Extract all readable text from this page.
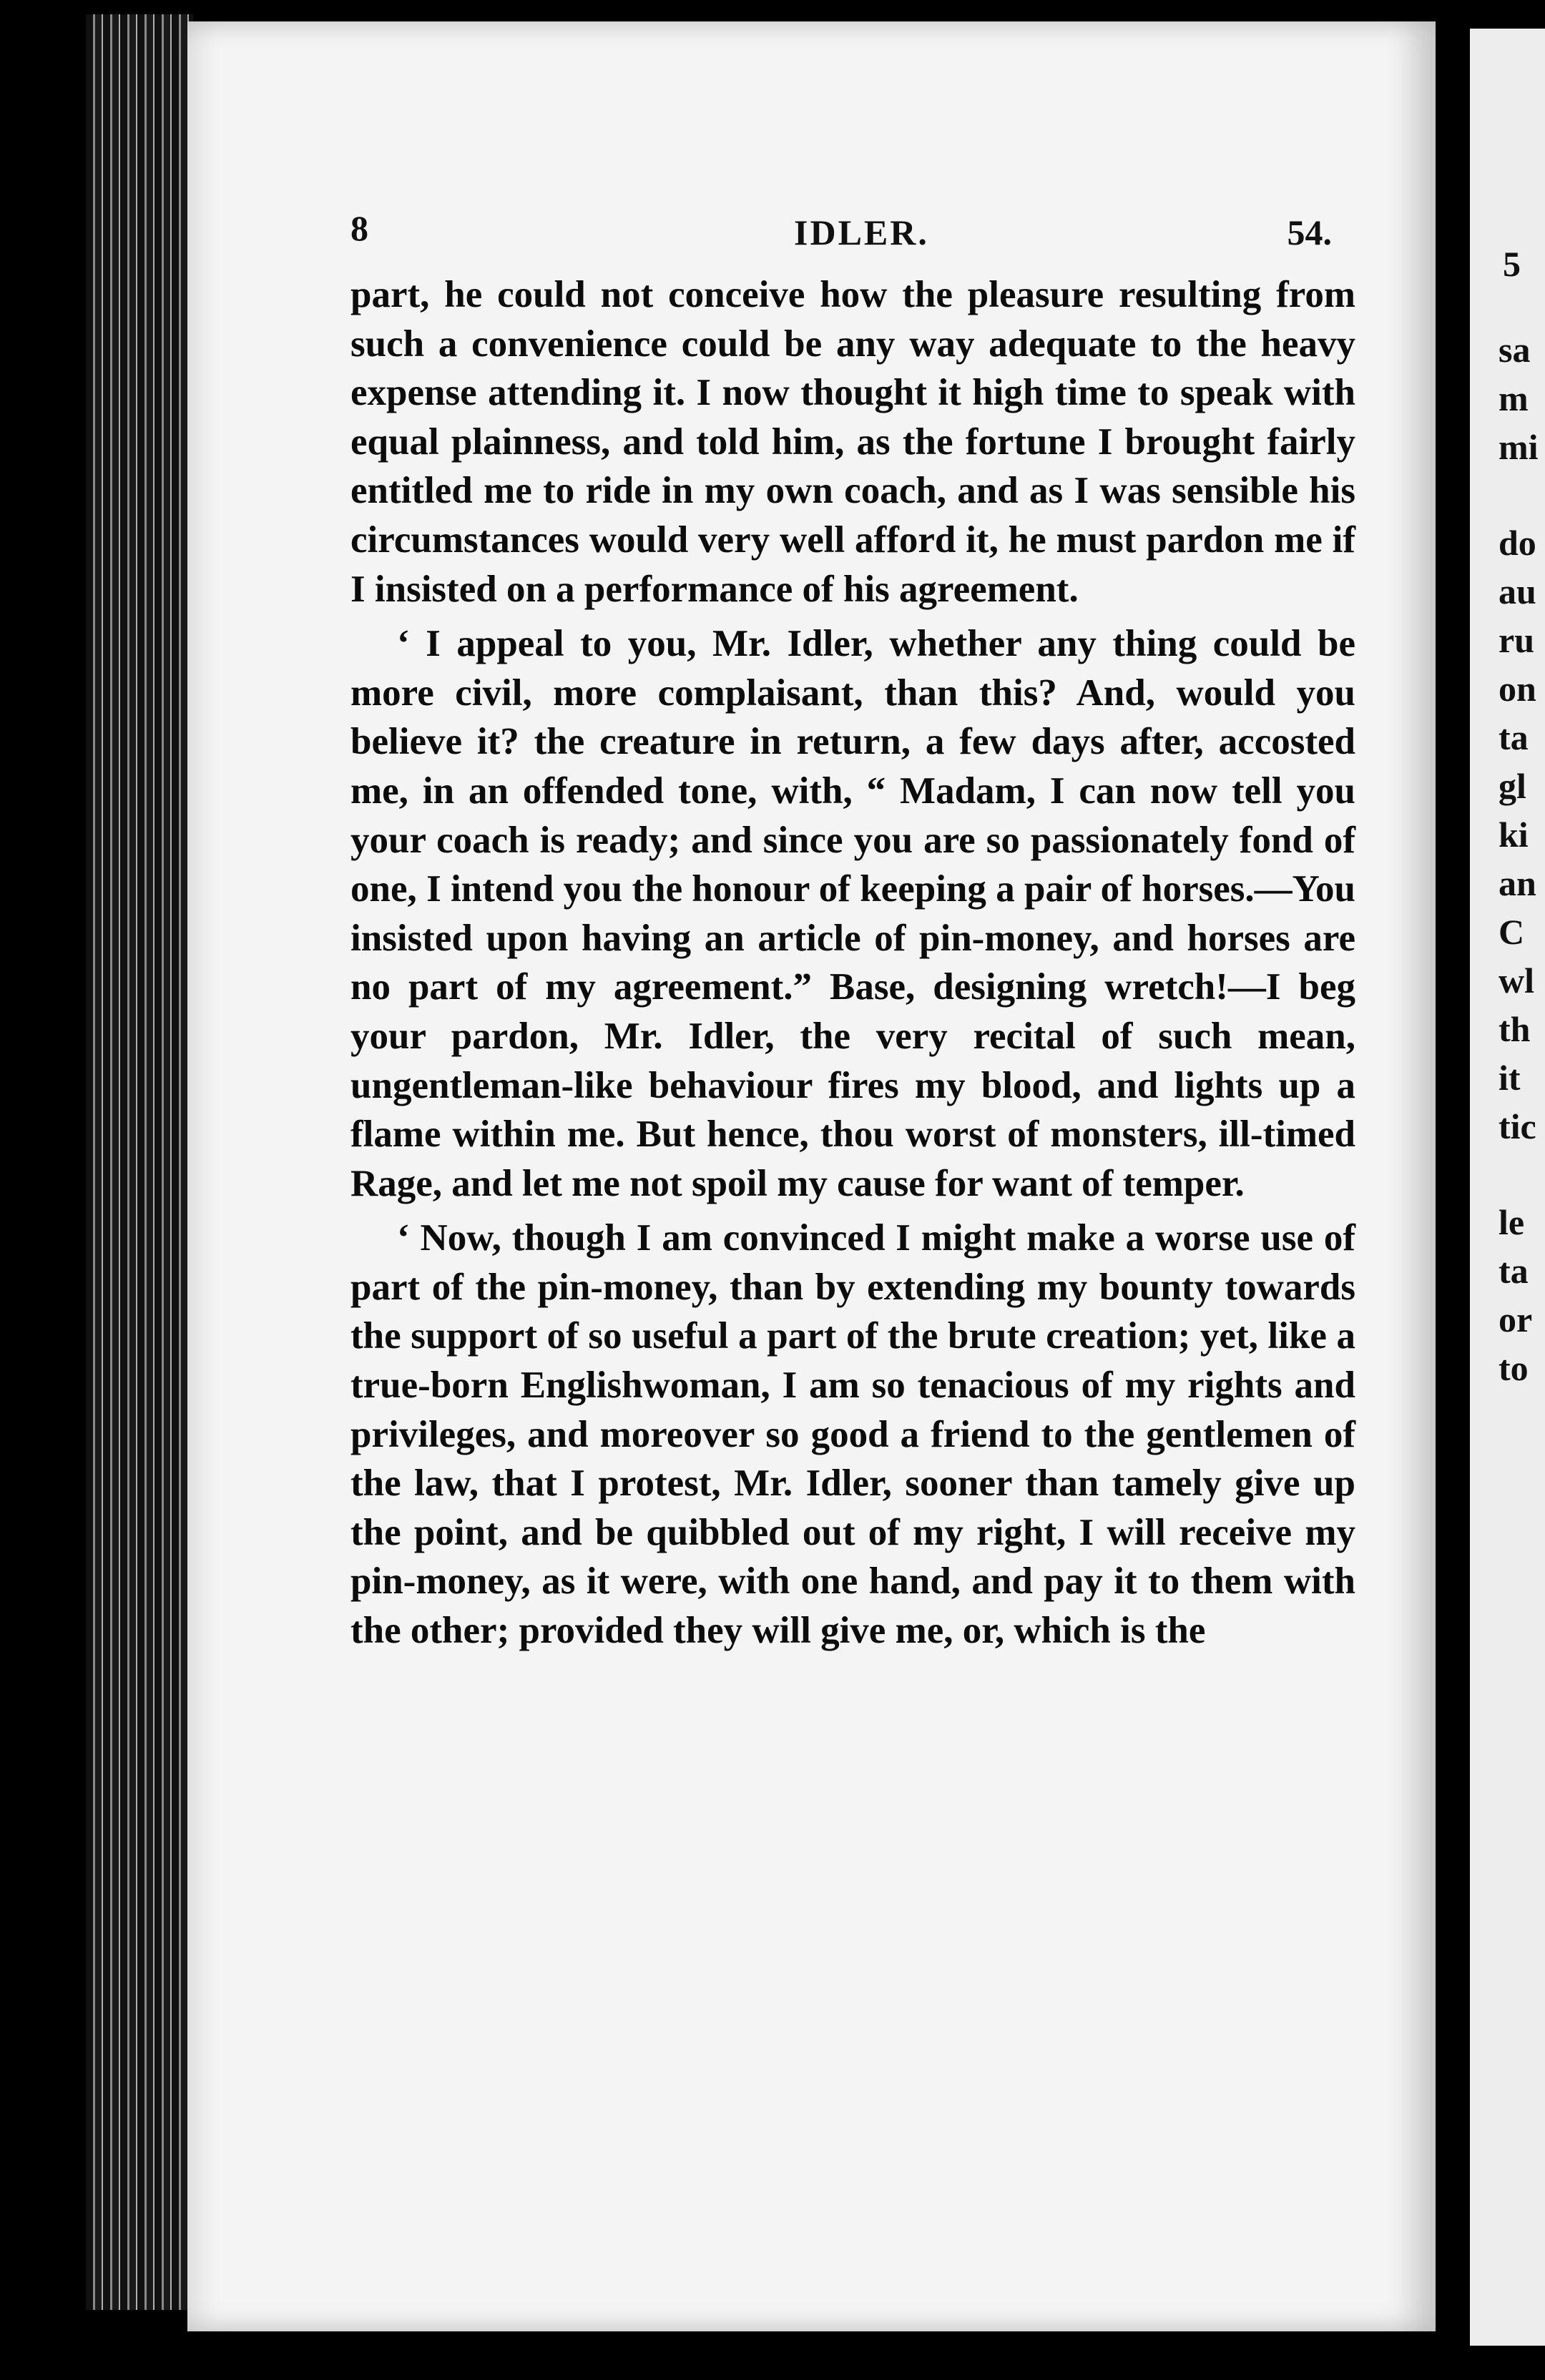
8	IDLER.	54.

part, he could not conceive how the pleasure resulting from such a convenience could be any way adequate to the heavy expense attending it. I now thought it high time to speak with equal plainness, and told him, as the fortune I brought fairly entitled me to ride in my own coach, and as I was sensible his circumstances would very well afford it, he must pardon me if I insisted on a performance of his agreement.

‘ I appeal to you, Mr. Idler, whether any thing could be more civil, more complaisant, than this? And, would you believe it? the creature in return, a few days after, accosted me, in an offended tone, with, “ Madam, I can now tell you your coach is ready; and since you are so passionately fond of one, I intend you the honour of keeping a pair of horses.—You insisted upon having an article of pin-money, and horses are no part of my agreement.” Base, designing wretch!—I beg your pardon, Mr. Idler, the very recital of such mean, ungentleman-like behaviour fires my blood, and lights up a flame within me. But hence, thou worst of monsters, ill-timed Rage, and let me not spoil my cause for want of temper.

‘ Now, though I am convinced I might make a worse use of part of the pin-money, than by extending my bounty towards the support of so useful a part of the brute creation; yet, like a true-born Englishwoman, I am so tenacious of my rights and privileges, and moreover so good a friend to the gentlemen of the law, that I protest, Mr. Idler, sooner than tamely give up the point, and be quibbled out of my right, I will receive my pin-money, as it were, with one hand, and pay it to them with the other; provided they will give me, or, which is the

5
sa
m
mi
do
au
ru
on
ta
gl
ki
an
C
wl
th
it
tic
le
ta
or
to
